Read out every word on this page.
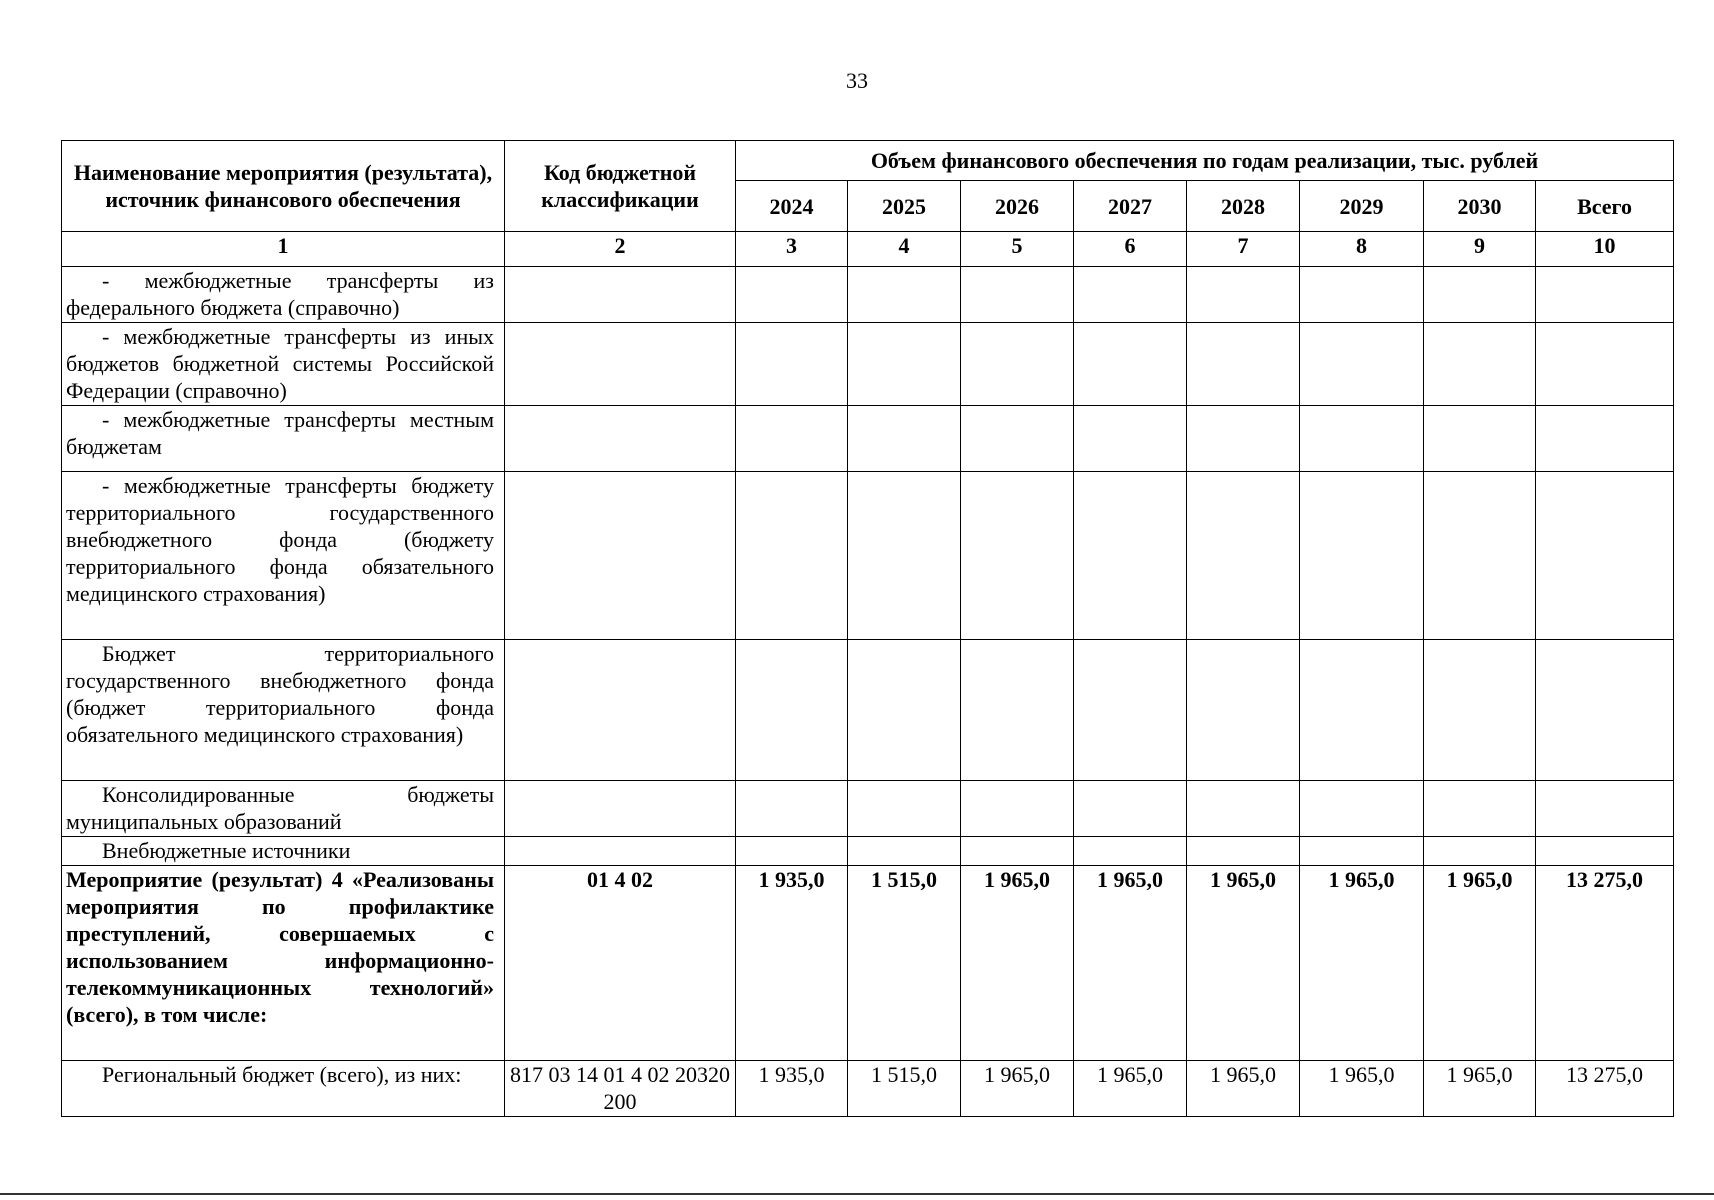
33
Наименование мероприятия (результата), источник финансового обеспечения	Код бюджетной классификации	Объем финансового обеспечения по годам реализации, тыс. рублей							
		2024	2025	2026	2027	2028	2029	2030	Всего
1	2	3	4	5	6	7	8	9	10
- межбюджетные трансферты из федерального бюджета (справочно)									
- межбюджетные трансферты из иных бюджетов бюджетной системы Российской Федерации (справочно)									
- межбюджетные трансферты местным бюджетам									
- межбюджетные трансферты бюджету территориального государственного внебюджетного фонда (бюджету территориального фонда обязательного медицинского страхования)									
Бюджет территориального государственного внебюджетного фонда (бюджет территориального фонда обязательного медицинского страхования)									
Консолидированные бюджеты муниципальных образований									
Внебюджетные источники									
Мероприятие (результат) 4 «Реализованы мероприятия по профилактике преступлений, совершаемых с использованием информационно-телекоммуникационных технологий» (всего), в том числе:	01 4 02	1 935,0	1 515,0	1 965,0	1 965,0	1 965,0	1 965,0	1 965,0	13 275,0
Региональный бюджет (всего), из них:	817 03 14 01 4 02 20320 200	1 935,0	1 515,0	1 965,0	1 965,0	1 965,0	1 965,0	1 965,0	13 275,0
